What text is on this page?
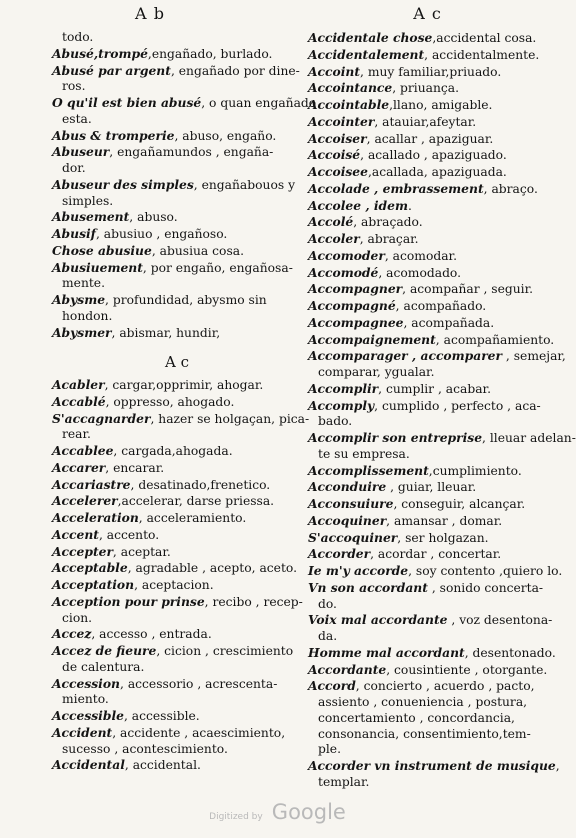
A b	A c
todo.
Abusé,trompé,engañado, burlado.
Abusé par argent, engañado por dine-
ros.
O qu'il est bien abusé, o quan engañado
esta.
Abus & tromperie, abuso, engaño.
Abuseur, engañamundos , engaña-
dor.
Abuseur des simples, engañabouos y
simples.
Abusement, abuso.
Abusif, abusiuo , engañoso.
Chose abusiue, abusiua cosa.
Abusiuement, por engaño, engañosa-
mente.
Abysme, profundidad, abysmo sin
hondon.
Abysmer, abismar, hundir,
A c
Acabler, cargar,opprimir, ahogar.
Accablé, oppresso, ahogado.
S'accagnarder, hazer se holgaçan, pica-
rear.
Accablee, cargada,ahogada.
Accarer, encarar.
Accariastre, desatinado,frenetico.
Accelerer,accelerar, darse priessa.
Acceleration, acceleramiento.
Accent, accento.
Accepter, aceptar.
Acceptable, agradable , acepto, aceto.
Acceptation, aceptacion.
Acception pour prinse, recibo , recep-
cion.
Accez, accesso , entrada.
Accez de fieure, cicion , crescimiento
de calentura.
Accession, accessorio , acrescenta-
miento.
Accessible, accessible.
Accident, accidente , acaescimiento,
sucesso , acontescimiento.
Accidental, accidental.
Accidentale chose,accidental cosa.
Accidentalement, accidentalmente.
Accoint, muy familiar,priuado.
Accointance, priuança.
Accointable,llano, amigable.
Accointer, atauiar,afeytar.
Accoiser, acallar , apaziguar.
Accoisé, acallado , apaziguado.
Accoisee,acallada, apaziguada.
Accolade , embrassement, abraço.
Accolee , idem.
Accolé, abraçado.
Accoler, abraçar.
Accomoder, acomodar.
Accomodé, acomodado.
Accompagner, acompañar , seguir.
Accompagné, acompañado.
Accompagnee, acompañada.
Accompaignement, acompañamiento.
Accomparager , accomparer , semejar,
comparar, ygualar.
Accomplir, cumplir , acabar.
Accomply, cumplido , perfecto , aca-
bado.
Accomplir son entreprise, lleuar adelan-
te su empresa.
Accomplissement,cumplimiento.
Acconduire , guiar, lleuar.
Acconsuiure, conseguir, alcançar.
Accoquiner, amansar , domar.
S'accoquiner, ser holgazan.
Accorder, acordar , concertar.
Ie m'y accorde, soy contento ,quiero lo.
Vn son accordant , sonido concerta-
do.
Voix mal accordante , voz desentona-
da.
Homme mal accordant, desentonado.
Accordante, cousintiente , otorgante.
Accord, concierto , acuerdo , pacto,
assiento , conueniencia , postura,
concertamiento , concordancia,
consonancia, consentimiento,tem-
ple.
Accorder vn instrument de musique,
templar.
Digitized by Google
